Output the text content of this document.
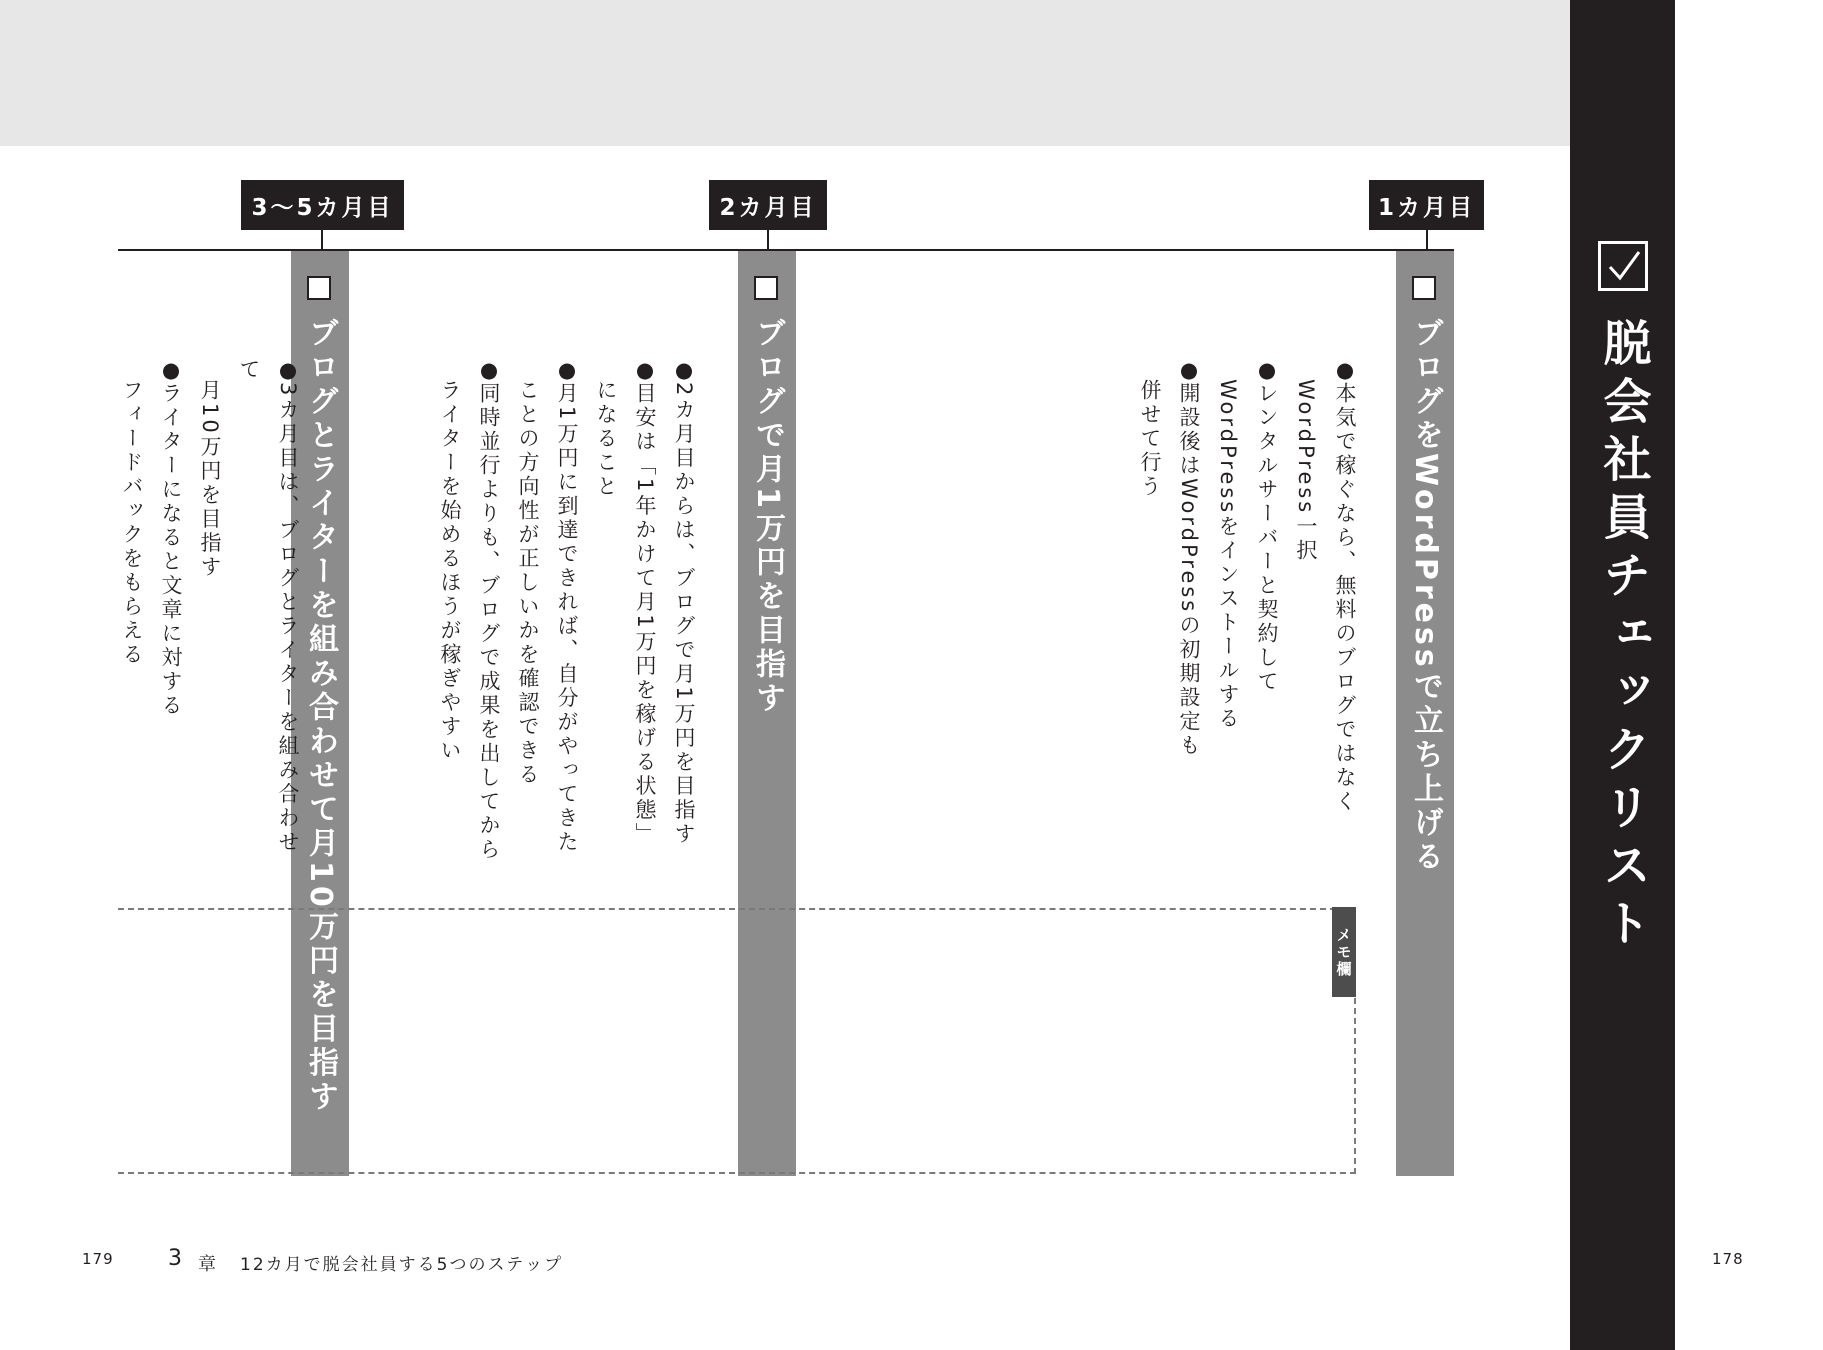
脱会社員チェックリスト
1カ月目
ブログをWordPressで立ち上げる
●本気で稼ぐなら、無料のブログではなく
　WordPress一択
●レンタルサーバーと契約して
　WordPressをインストールする
●開設後はWordPressの初期設定も
　併せて行う
2カ月目
ブログで月1万円を目指す
●2カ月目からは、ブログで月1万円を目指す
●目安は「1年かけて月1万円を稼げる状態」
　になること
●月1万円に到達できれば、自分がやってきた
　ことの方向性が正しいかを確認できる
●同時並行よりも、ブログで成果を出してから
　ライターを始めるほうが稼ぎやすい
3～5カ月目
ブログとライターを組み合わせて月10万円を目指す
●3カ月目は、ブログとライターを組み合わせて
　月10万円を目指す
●ライターになると文章に対する
　フィードバックをもらえる
メモ欄
179 3 章 12カ月で脱会社員する5つのステップ	178
